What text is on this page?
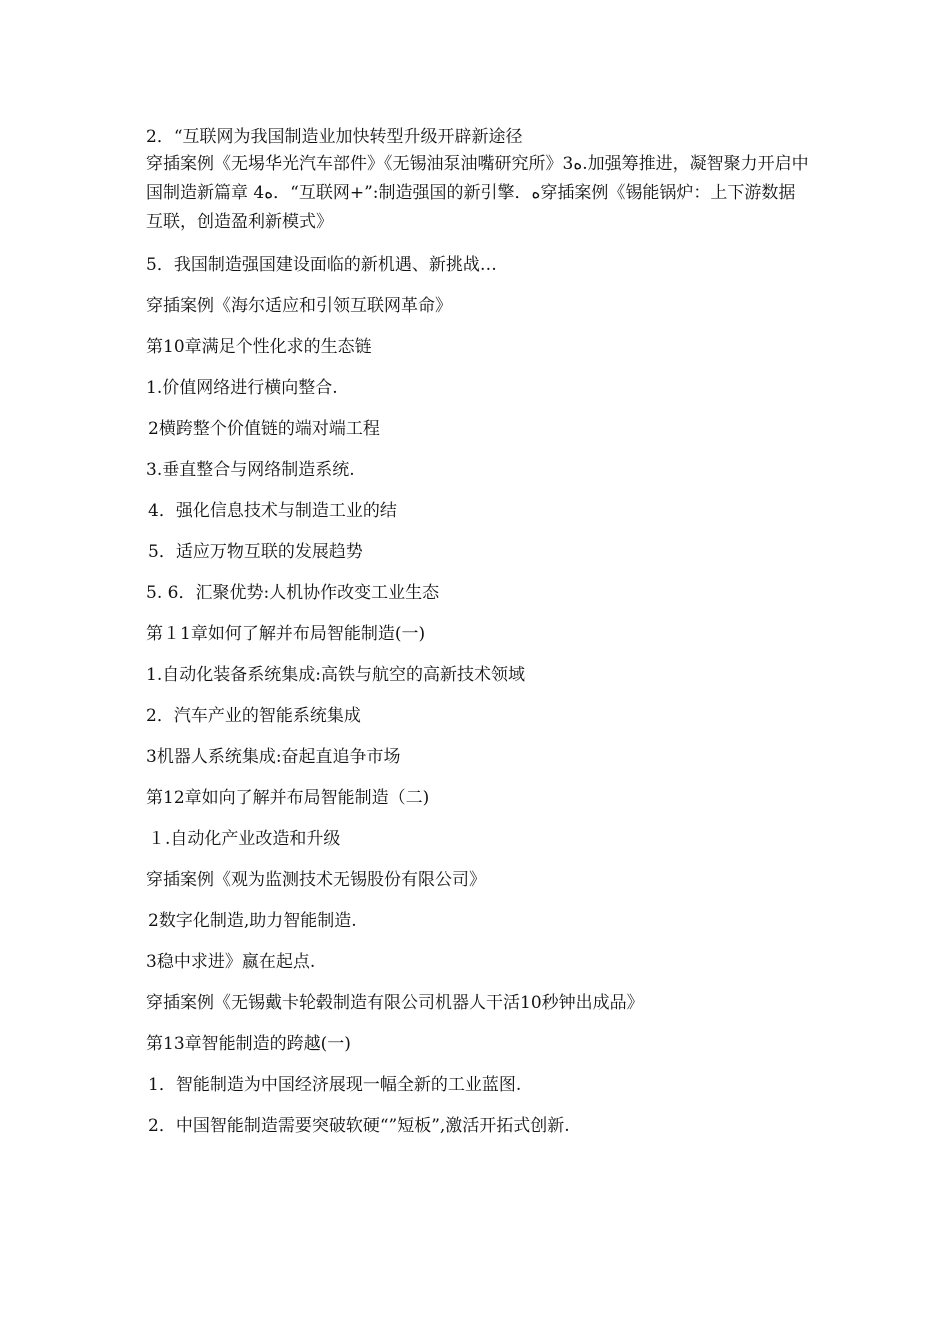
2．“互联网为我国制造业加快转型升级开辟新途径

穿插案例《无埸华光汽车部件》《无锡油泵油嘴研究所》3ﻩ.加强筹推进，凝智聚力开启中国制造新篇章 4ﻩ．“互联网+”:制造强国的新引擎．ﻩ穿插案例《锡能锅炉：上下游数据互联，创造盈利新模式》

5．我国制造强国建设面临的新机遇、新挑战…

穿插案例《海尔适应和引领互联网革命》

第10章满足个性化求的生态链

1.价值网络进行横向整合.

2横跨整个价值链的端对端工程

3.垂直整合与网络制造系统.

4．强化信息技术与制造工业的结

5．适应万物互联的发展趋势

5. 6．汇聚优势:人机协作改变工业生态

第１1章如何了解并布局智能制造(一)

1.自动化装备系统集成:高铁与航空的高新技术领域

2．汽车产业的智能系统集成

3机器人系统集成:奋起直追争市场

第12章如向了解并布局智能制造（二)

１.自动化产业改造和升级

穿插案例《观为监测技术无锡股份有限公司》

2数字化制造,助力智能制造.

3稳中求进》嬴在起点.

穿插案例《无锡戴卡轮毂制造有限公司机器人干活10秒钟出成品》

第13章智能制造的跨越(一)

1．智能制造为中国经济展现一幅全新的工业蓝图.

2．中国智能制造需要突破软硬“”短板”,激活开拓式创新.
